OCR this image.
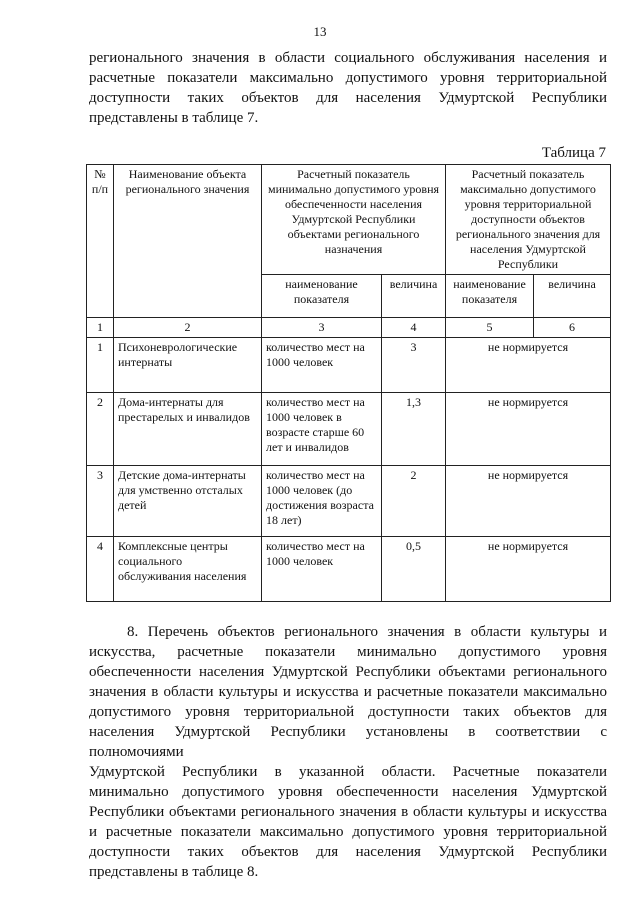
13
регионального значения в области социального обслуживания населения и
расчетные показатели максимально допустимого уровня территориальной
доступности таких объектов для населения Удмуртской Республики
представлены в таблице 7.
Таблица 7
№ п/п	Наименование объекта регионального значения	Расчетный показатель минимально допустимого уровня обеспеченности населения Удмуртской Республики объектами регионального назначения		Расчетный показатель максимально допустимого уровня территориальной доступности объектов регионального значения для населения Удмуртской Республики	
		наименование показателя	величина	наименование показателя	величина
1	2	3	4	5	6
1	Психоневрологические интернаты	количество мест на 1000 человек	3	не нормируется	
2	Дома-интернаты для престарелых и инвалидов	количество мест на 1000 человек в возрасте старше 60 лет и инвалидов	1,3	не нормируется	
3	Детские дома-интернаты для умственно отсталых детей	количество мест на 1000 человек (до достижения возраста 18 лет)	2	не нормируется	
4	Комплексные центры социального обслуживания населения	количество мест на 1000 человек	0,5	не нормируется	
8. Перечень объектов регионального значения в области культуры и
искусства, расчетные показатели минимально допустимого уровня
обеспеченности населения Удмуртской Республики объектами регионального
значения в области культуры и искусства и расчетные показатели максимально
допустимого уровня территориальной доступности таких объектов для
населения Удмуртской Республики установлены в соответствии с полномочиями
Удмуртской Республики в указанной области. Расчетные показатели
минимально допустимого уровня обеспеченности населения Удмуртской
Республики объектами регионального значения в области культуры и искусства
и расчетные показатели максимально допустимого уровня территориальной
доступности таких объектов для населения Удмуртской Республики
представлены в таблице 8.
